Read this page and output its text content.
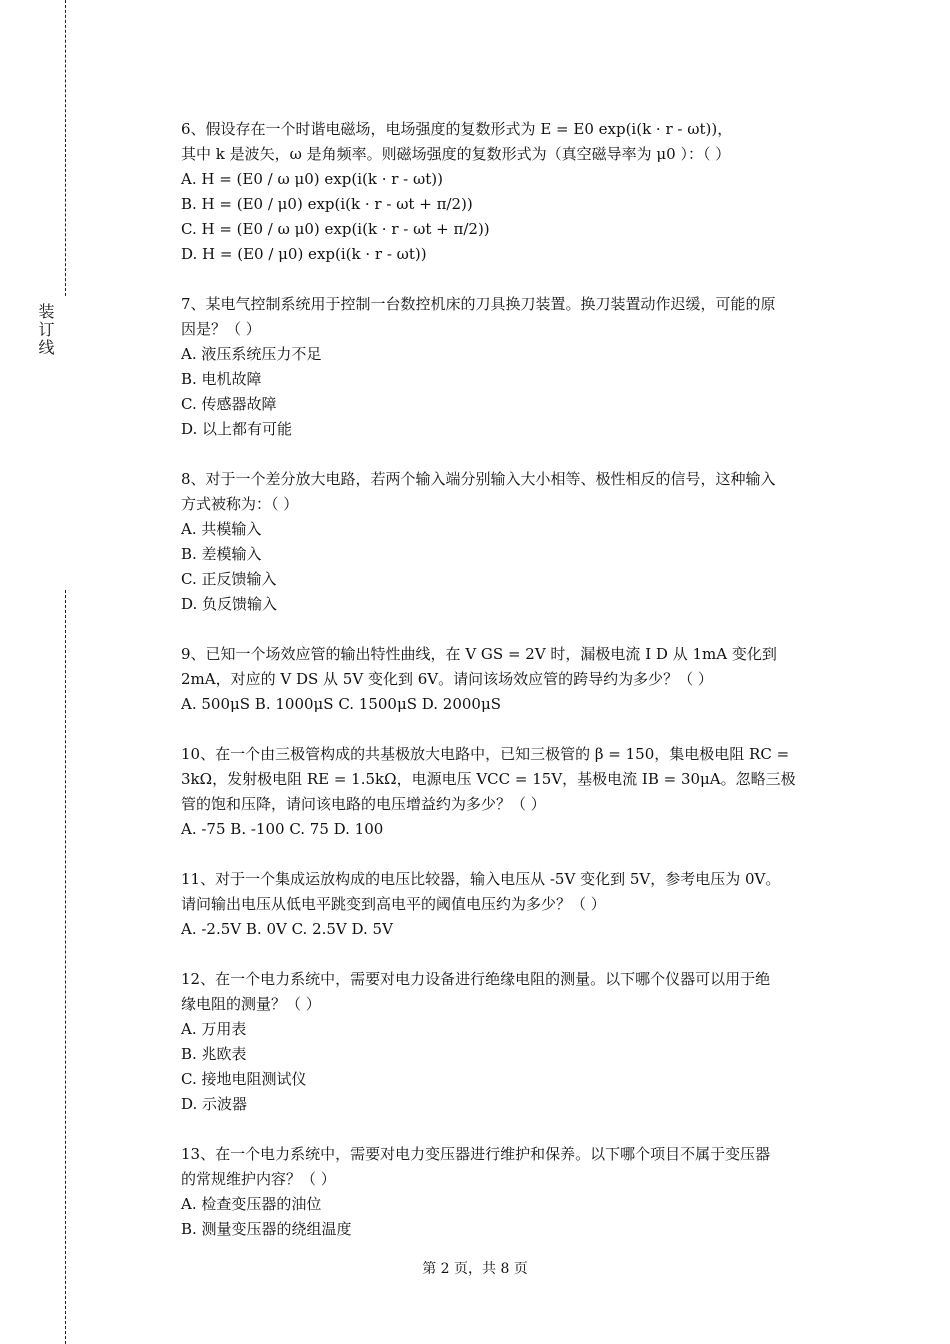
装订线
6、假设存在一个时谐电磁场，电场强度的复数形式为 E = E0 exp(i(k · r - ωt))，
其中 k 是波矢，ω 是角频率。则磁场强度的复数形式为（真空磁导率为 μ0 ）：（ ）
A. H = (E0 / ω μ0) exp(i(k · r - ωt))
B. H = (E0 / μ0) exp(i(k · r - ωt + π/2))
C. H = (E0 / ω μ0) exp(i(k · r - ωt + π/2))
D. H = (E0 / μ0) exp(i(k · r - ωt))
7、某电气控制系统用于控制一台数控机床的刀具换刀装置。换刀装置动作迟缓，可能的原
因是？（ ）
A. 液压系统压力不足
B. 电机故障
C. 传感器故障
D. 以上都有可能
8、对于一个差分放大电路，若两个输入端分别输入大小相等、极性相反的信号，这种输入
方式被称为：（ ）
A. 共模输入
B. 差模输入
C. 正反馈输入
D. 负反馈输入
9、已知一个场效应管的输出特性曲线，在 V GS = 2V 时，漏极电流 I D 从 1mA 变化到
2mA，对应的 V DS 从 5V 变化到 6V。请问该场效应管的跨导约为多少？（ ）
A. 500μS B. 1000μS C. 1500μS D. 2000μS
10、在一个由三极管构成的共基极放大电路中，已知三极管的 β = 150，集电极电阻 RC =
3kΩ，发射极电阻 RE = 1.5kΩ，电源电压 VCC = 15V，基极电流 IB = 30μA。忽略三极
管的饱和压降，请问该电路的电压增益约为多少？（ ）
A. -75 B. -100 C. 75 D. 100
11、对于一个集成运放构成的电压比较器，输入电压从 -5V 变化到 5V，参考电压为 0V。
请问输出电压从低电平跳变到高电平的阈值电压约为多少？（ ）
A. -2.5V B. 0V C. 2.5V D. 5V
12、在一个电力系统中，需要对电力设备进行绝缘电阻的测量。以下哪个仪器可以用于绝
缘电阻的测量？（ ）
A. 万用表
B. 兆欧表
C. 接地电阻测试仪
D. 示波器
13、在一个电力系统中，需要对电力变压器进行维护和保养。以下哪个项目不属于变压器
的常规维护内容？（ ）
A. 检查变压器的油位
B. 测量变压器的绕组温度
第 2 页，共 8 页
